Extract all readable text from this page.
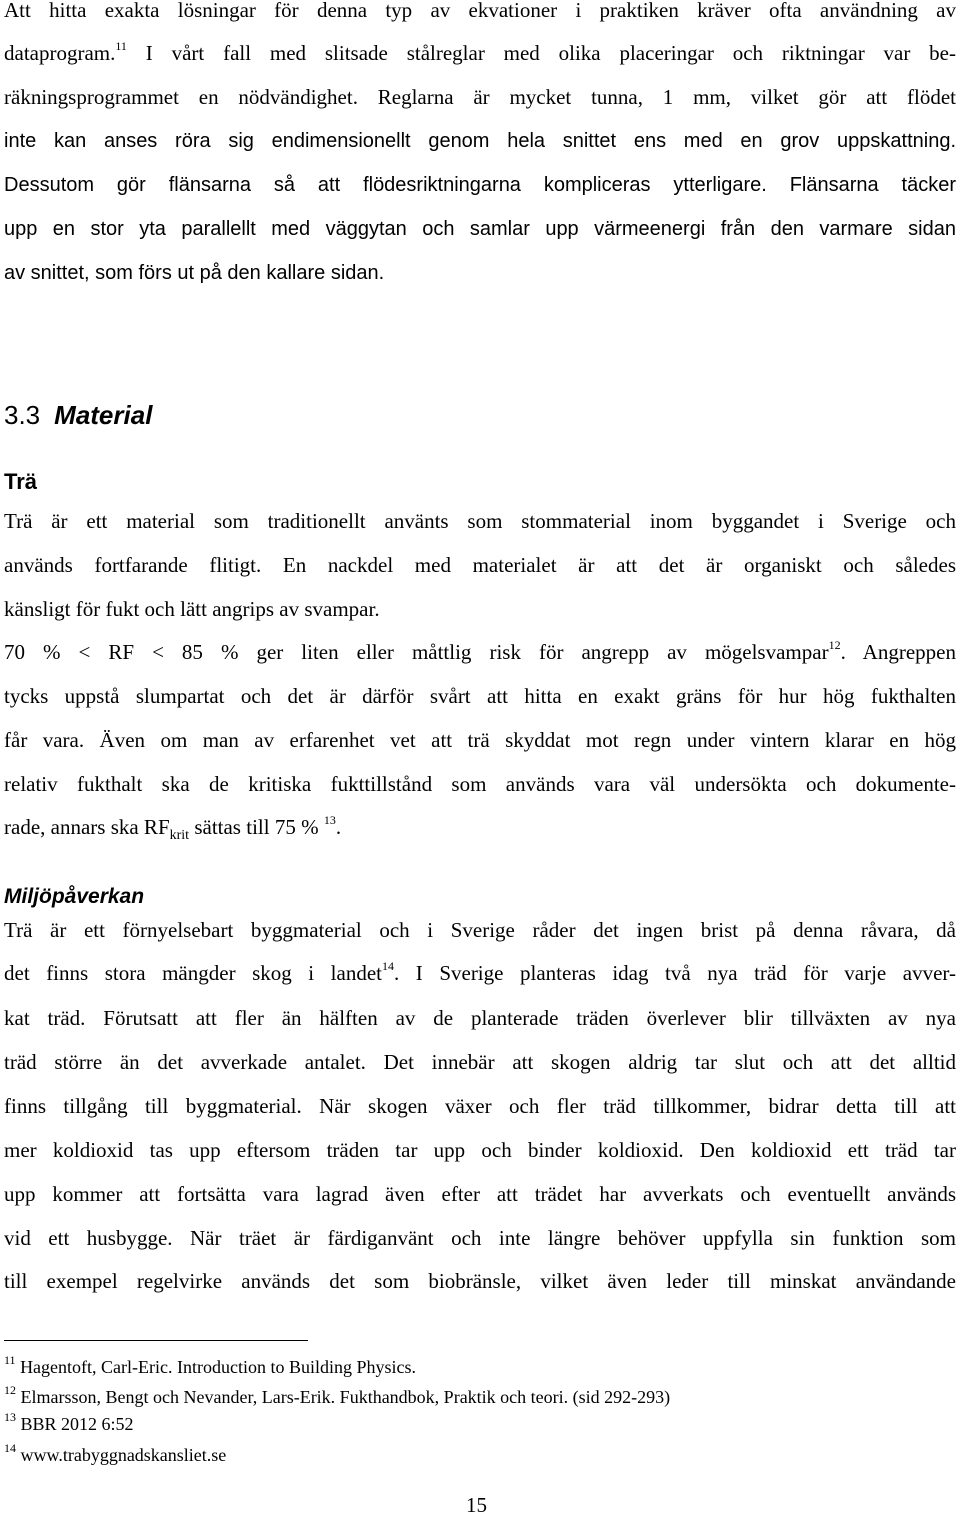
Att hitta exakta lösningar för denna typ av ekvationer i praktiken kräver ofta användning av
dataprogram.$^{11}$ I vårt fall med slitsade stålreglar med olika placeringar och riktningar var be-
räkningsprogrammet en nödvändighet. Reglarna är mycket tunna, 1 mm, vilket gör att flödet
inte kan anses röra sig endimensionellt genom hela snittet ens med en grov uppskattning.
Dessutom gör flänsarna så att flödesriktningarna kompliceras ytterligare. Flänsarna täcker
upp en stor yta parallellt med väggytan och samlar upp värmeenergi från den varmare sidan
av snittet, som förs ut på den kallare sidan.
3.3 Material
Trä
Trä är ett material som traditionellt använts som stommaterial inom byggandet i Sverige och
används fortfarande flitigt. En nackdel med materialet är att det är organiskt och således
känsligt för fukt och lätt angrips av svampar.
70 % < RF < 85 % ger liten eller måttlig risk för angrepp av mögelsvampar$^{12}$. Angreppen
tycks uppstå slumpartat och det är därför svårt att hitta en exakt gräns för hur hög fukthalten
får vara. Även om man av erfarenhet vet att trä skyddat mot regn under vintern klarar en hög
relativ fukthalt ska de kritiska fukttillstånd som används vara väl undersökta och dokumente-
rade, annars ska $RF_{krit}$ sättas till 75 % $^{13}$.
Miljöpåverkan
Trä är ett förnyelsebart byggmaterial och i Sverige råder det ingen brist på denna råvara, då
det finns stora mängder skog i landet$^{14}$. I Sverige planteras idag två nya träd för varje avver-
kat träd. Förutsatt att fler än hälften av de planterade träden överlever blir tillväxten av nya
träd större än det avverkade antalet. Det innebär att skogen aldrig tar slut och att det alltid
finns tillgång till byggmaterial. När skogen växer och fler träd tillkommer, bidrar detta till att
mer koldioxid tas upp eftersom träden tar upp och binder koldioxid. Den koldioxid ett träd tar
upp kommer att fortsätta vara lagrad även efter att trädet har avverkats och eventuellt används
vid ett husbygge. När träet är färdiganvänt och inte längre behöver uppfylla sin funktion som
till exempel regelvirke används det som biobränsle, vilket även leder till minskat användande
$^{11}$ Hagentoft, Carl-Eric. Introduction to Building Physics.
$^{12}$ Elmarsson, Bengt och Nevander, Lars-Erik. Fukthandbok, Praktik och teori. (sid 292-293)
$^{13}$ BBR 2012 6:52
$^{14}$ www.trabyggnadskansliet.se
15
